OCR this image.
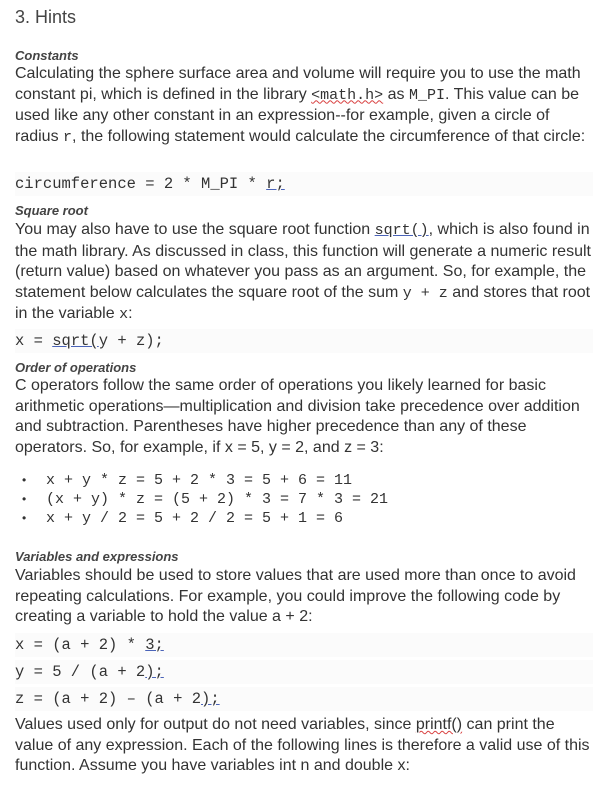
3. Hints
Constants
Calculating the sphere surface area and volume will require you to use the math constant pi, which is defined in the library <math.h> as M_PI. This value can be used like any other constant in an expression--for example, given a circle of radius r, the following statement would calculate the circumference of that circle:
circumference = 2 * M_PI * r;
Square root
You may also have to use the square root function sqrt(), which is also found in the math library. As discussed in class, this function will generate a numeric result (return value) based on whatever you pass as an argument. So, for example, the statement below calculates the square root of the sum y + z and stores that root in the variable x:
x = sqrt(y + z);
Order of operations
C operators follow the same order of operations you likely learned for basic arithmetic operations—multiplication and division take precedence over addition and subtraction. Parentheses have higher precedence than any of these operators. So, for example, if x = 5, y = 2, and z = 3:
Variables and expressions
Variables should be used to store values that are used more than once to avoid repeating calculations. For example, you could improve the following code by creating a variable to hold the value a + 2:
x = (a + 2) * 3;
y = 5 / (a + 2);
z = (a + 2) – (a + 2);
Values used only for output do not need variables, since printf() can print the value of any expression. Each of the following lines is therefore a valid use of this function. Assume you have variables int n and double x:
• x + y * z = 5 + 2 * 3 = 5 + 6 = 11
• (x + y) * z = (5 + 2) * 3 = 7 * 3 = 21
• x + y / 2 = 5 + 2 / 2 = 5 + 1 = 6
